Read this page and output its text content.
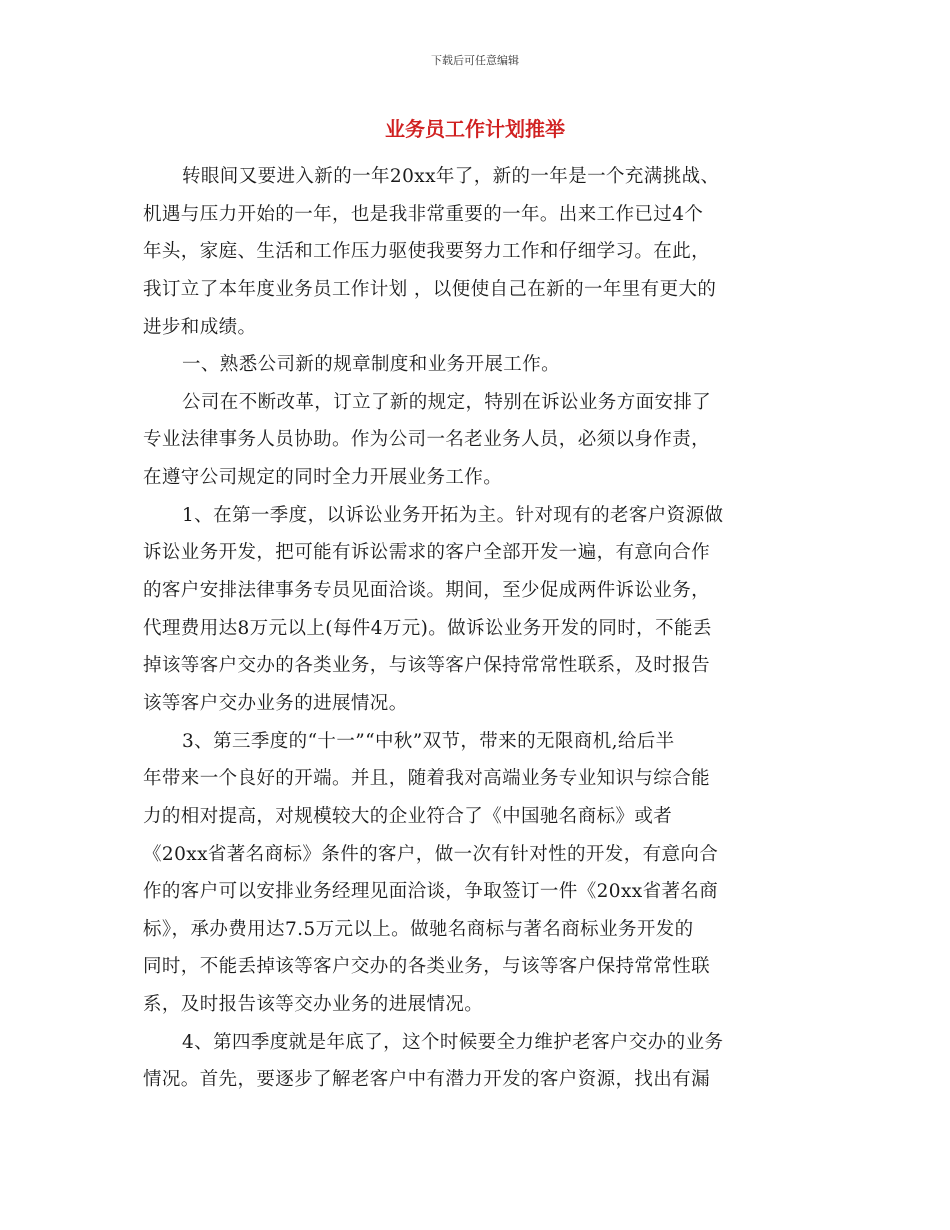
下载后可任意编辑
业务员工作计划推举
转眼间又要进入新的一年20xx年了，新的一年是一个充满挑战、
机遇与压力开始的一年，也是我非常重要的一年。出来工作已过4个
年头，家庭、生活和工作压力驱使我要努力工作和仔细学习。在此，
我订立了本年度业务员工作计划 ，以便使自己在新的一年里有更大的
进步和成绩。
一、熟悉公司新的规章制度和业务开展工作。
公司在不断改革，订立了新的规定，特别在诉讼业务方面安排了
专业法律事务人员协助。作为公司一名老业务人员，必须以身作责，
在遵守公司规定的同时全力开展业务工作。
1、在第一季度，以诉讼业务开拓为主。针对现有的老客户资源做
诉讼业务开发，把可能有诉讼需求的客户全部开发一遍，有意向合作
的客户安排法律事务专员见面洽谈。期间，至少促成两件诉讼业务，
代理费用达8万元以上(每件4万元)。做诉讼业务开发的同时，不能丢
掉该等客户交办的各类业务，与该等客户保持常常性联系，及时报告
该等客户交办业务的进展情况。
3、第三季度的“十一”“中秋”双节，带来的无限商机,给后半
年带来一个良好的开端。并且，随着我对高端业务专业知识与综合能
力的相对提高，对规模较大的企业符合了《中国驰名商标》或者
《20xx省著名商标》条件的客户，做一次有针对性的开发，有意向合
作的客户可以安排业务经理见面洽谈，争取签订一件《20xx省著名商
标》，承办费用达7.5万元以上。做驰名商标与著名商标业务开发的
同时，不能丢掉该等客户交办的各类业务，与该等客户保持常常性联
系，及时报告该等交办业务的进展情况。
4、第四季度就是年底了，这个时候要全力维护老客户交办的业务
情况。首先，要逐步了解老客户中有潜力开发的客户资源，找出有漏
